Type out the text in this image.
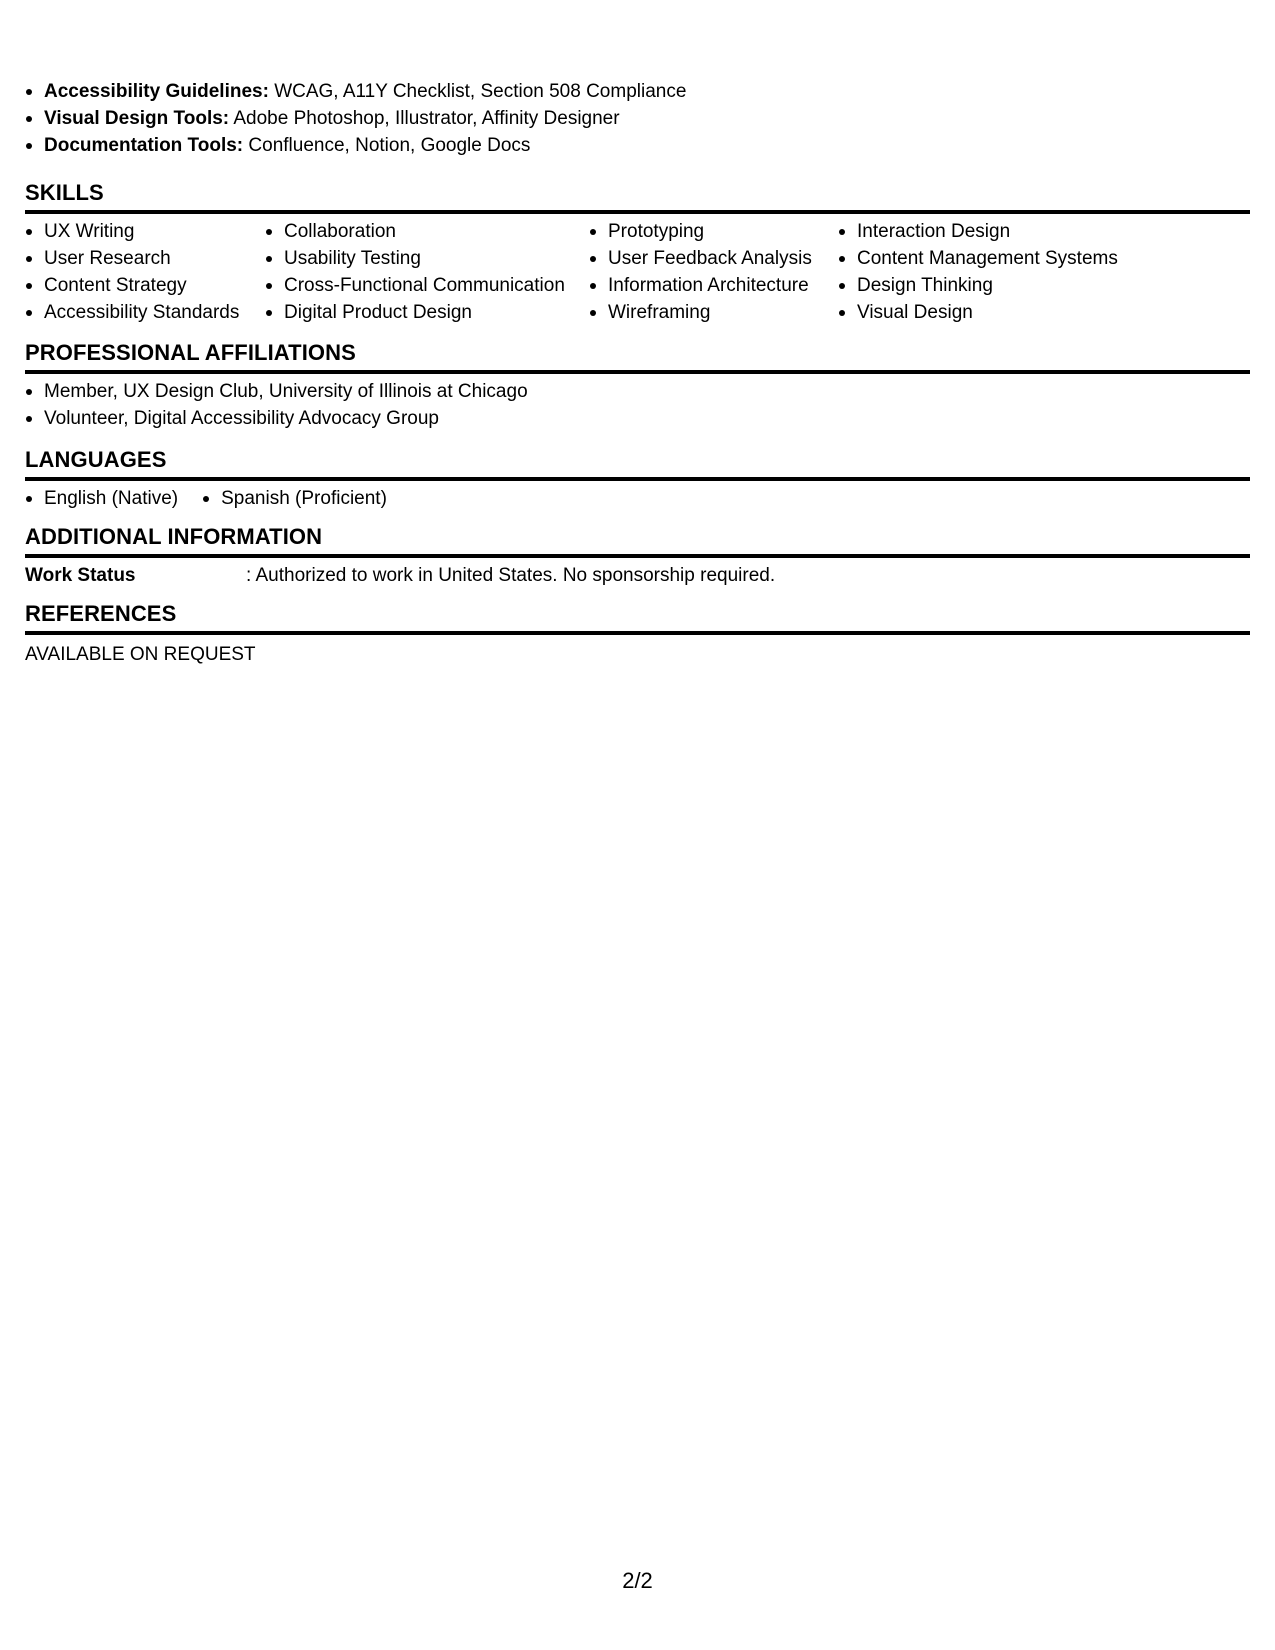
Accessibility Guidelines: WCAG, A11Y Checklist, Section 508 Compliance
Visual Design Tools: Adobe Photoshop, Illustrator, Affinity Designer
Documentation Tools: Confluence, Notion, Google Docs
SKILLS
UX Writing
User Research
Content Strategy
Accessibility Standards
Collaboration
Usability Testing
Cross-Functional Communication
Digital Product Design
Prototyping
User Feedback Analysis
Information Architecture
Wireframing
Interaction Design
Content Management Systems
Design Thinking
Visual Design
PROFESSIONAL AFFILIATIONS
Member, UX Design Club, University of Illinois at Chicago
Volunteer, Digital Accessibility Advocacy Group
LANGUAGES
English (Native)	Spanish (Proficient)
ADDITIONAL INFORMATION
Work Status	: Authorized to work in United States. No sponsorship required.
REFERENCES
AVAILABLE ON REQUEST
2/2
